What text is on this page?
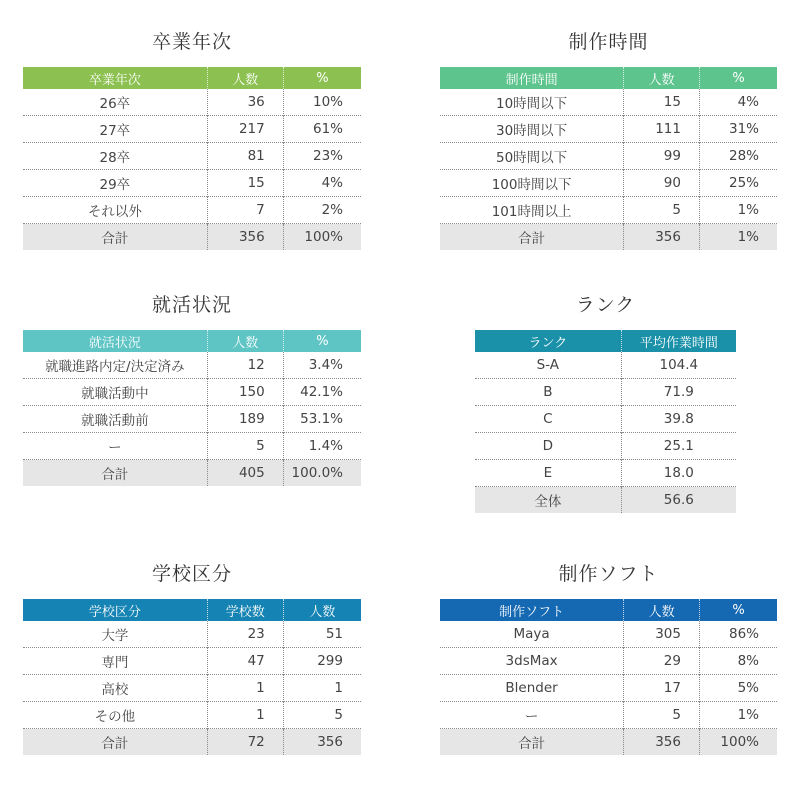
卒業年次
卒業年次	人数	%
26卒	36	10%
27卒	217	61%
28卒	81	23%
29卒	15	4%
それ以外	7	2%
合計	356	100%
制作時間
制作時間	人数	%
10時間以下	15	4%
30時間以下	111	31%
50時間以下	99	28%
100時間以下	90	25%
101時間以上	5	1%
合計	356	1%
就活状況
就活状況	人数	%
就職進路内定/決定済み	12	3.4%
就職活動中	150	42.1%
就職活動前	189	53.1%
ー	5	1.4%
合計	405	100.0%
ランク
ランク	平均作業時間
S-A	104.4
B	71.9
C	39.8
D	25.1
E	18.0
全体	56.6
学校区分
学校区分	学校数	人数
大学	23	51
専門	47	299
高校	1	1
その他	1	5
合計	72	356
制作ソフト
制作ソフト	人数	%
Maya	305	86%
3dsMax	29	8%
Blender	17	5%
ー	5	1%
合計	356	100%
